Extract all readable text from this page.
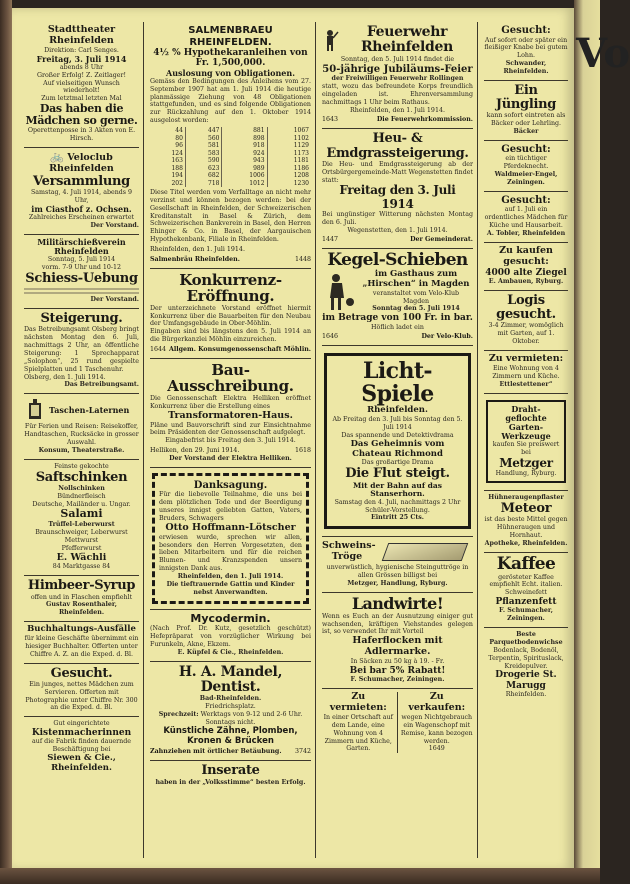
Stadttheater Rheinfelden
Direktion: Carl Senges.
Freitag, 3. Juli 1914
abends 8 Uhr
Großer Erfolg! Z. Zeitlager!
Auf vielseitigen Wunsch wiederholt!
Zum letztmal letzten Mal
Das haben die Mädchen so gerne.
Operettenposse in 3 Akten von E. Hirsch.
🚲 Veloclub Rheinfelden
Versammlung
Samstag, 4. Juli 1914, abends 9 Uhr,
im Ciasthof z. Ochsen.
Zahlreiches Erscheinen erwartet
Der Vorstand.
Militärschießverein Rheinfelden
Sonntag, 5. Juli 1914
vorm. 7-9 Uhr und 10-12
Schiess-Uebung
Der Vorstand.
Steigerung.
Das Betreibungsamt Olsberg bringt nächsten Montag den 6. Juli, nachmittags 2 Uhr, an öffentliche Steigerung: 1 Sprechapparat „Solophon“, 25 rund gespielte Spielplatten und 1 Taschenuhr.
Olsberg, den 1. Juli 1914.
Das Betreibungsamt.
Taschen-Laternen
Für Ferien und Reisen: Reisekoffer, Handtaschen, Rucksäcke in grosser Auswahl.
Konsum, Theaterstraße.
Feinste gekochte
Saftschinken
Nollschinken
Bündnerfleisch
Deutsche, Mailänder u. Ungar.
Salami
Trüffel-Leberwurst
Braunschweiger, Leberwurst
Mettwurst
Pfefferwurst
E. Wächli
84 Marktgasse 84
Himbeer-Syrup
offen und in Flaschen empfiehlt
Gustav Rosenthaler, Rheinfelden.
Buchhaltungs-Ausfälle
für kleine Geschäfte übernimmt ein hiesiger Buchhalter. Offerten unter Chiffre A. Z. an die Exped. d. Bl.
Gesucht.
Ein junges, nettes Mädchen zum Servieren. Offerten mit Photographie unter Chiffre Nr. 300 an die Exped. d. Bl.
Gut eingerichtete
Kistenmacherinnen
auf die Fabrik finden dauernde Beschäftigung bei
Siewen & Cie., Rheinfelden.
SALMENBRAEU RHEINFELDEN.
4½ % Hypothekaranleihen von Fr. 1,500,000.
Auslosung von Obligationen.
Gemäss den Bedingungen des Anleihens vom 27. September 1907 hat am 1. Juli 1914 die heutige planmässige Ziehung von 48 Obligationen stattgefunden, und es sind folgende Obligationen zur Rückzahlung auf den 1. Oktober 1914 ausgelost worden:
44	447	881	1067
80	560	898	1102
96	581	918	1129
124	583	924	1173
163	590	943	1181
188	623	989	1186
194	682	1006	1208
202	718	1012	1230
Diese Titel werden vom Verfalltage an nicht mehr verzinst und können bezogen werden: bei der Gesellschaft in Rheinfelden, der Schweizerischen Kreditanstalt in Basel & Zürich, dem Schweizerischen Bankverein in Basel, den Herren Ehinger & Co. in Basel, der Aargauischen Hypothekenbank, Filiale in Rheinfelden.
Rheinfelden, den 1. Juli 1914.
Salmenbräu Rheinfelden.	1448
Konkurrenz-Eröffnung.
Der unterzeichnete Vorstand eröffnet hiermit Konkurrenz über die Bauarbeiten für den Neubau der Umfangsgebäude in Ober-Möhlin.
Eingaben sind bis längstens den 5. Juli 1914 an die Bürgerkanzlei Möhlin einzureichen.
1644 Allgem. Konsumgenossenschaft Möhlin.
Bau-Ausschreibung.
Die Genossenschaft Elektra Helliken eröffnet Konkurrenz über die Erstellung eines
Transformatoren-Haus.
Pläne und Bauvorschrift sind zur Einsichtnahme beim Präsidenten der Genossenschaft aufgelegt.
Eingabefrist bis Freitag den 3. Juli 1914.
Helliken, den 29. Juni 1914.	1618
Der Vorstand der Elektra Helliken.
Danksagung.
Für die liebevolle Teilnahme, die uns bei dem plötzlichen Tode und der Beerdigung unseres innigst geliebten Gatten, Vaters, Bruders, Schwagers
Otto Hoffmann-Lötscher
erwiesen wurde, sprechen wir allen, besonders den Herren Vorgesetzten, den lieben Mitarbeitern und für die reichen Blumen- und Kranzspenden unsern innigsten Dank aus.
Rheinfelden, den 1. Juli 1914.
Die tieftrauernde Gattin und Kinder nebst Anverwandten.
Mycodermin.
(Nach Prof. Dr. Kutz, gesetzlich geschützt) Hefepräparat von vorzüglicher Wirkung bei Furunkeln, Akne, Ekzem.
E. Küpfel & Cie., Rheinfelden.
H. A. Mandel, Dentist.
Bad-Rheinfelden.
Friedrichsplatz.
Sprechzeit: Werktags von 9-12 und 2-6 Uhr. Sonntags nicht.
Künstliche Zähne, Plomben, Kronen & Brücken
Zahnziehen mit örtlicher Betäubung. 3742
Inserate
haben in der „Volksstimme“ besten Erfolg.
Feuerwehr Rheinfelden
Sonntag, den 5. Juli 1914 findet die
50-jährige Jubiläums-Feier
der Freiwilligen Feuerwehr Rollingen
statt, wozu das befreundete Korps freundlich eingeladen ist. Ehrenversammlung nachmittags 1 Uhr beim Rathaus.
Rheinfelden, den 1. Juli 1914.
1643	Die Feuerwehrkommission.
Heu- & Emdgrassteigerung.
Die Heu- und Emdgrassteigerung ab der Ortsbürgergemeinde-Matt Wegenstetten findet statt:
Freitag den 3. Juli 1914
Bei ungünstiger Witterung nächsten Montag den 6. Juli.
Wegenstetten, den 1. Juli 1914.
1447	Der Gemeinderat.
Kegel-Schieben
im Gasthaus zum „Hirschen“ in Magden
veranstaltet vom Velo-Klub Magden
Sonntag den 5. Juli 1914
im Betrage von 100 Fr. in bar.
Höflich ladet ein
1646	Der Velo-Klub.
Licht-Spiele
Rheinfelden.
Ab Freitag den 3. Juli bis Sonntag den 5. Juli 1914
Das spannende und Detektivdrama
Das Geheimnis vom Chateau Richmond
Das großartige Drama
Die Flut steigt.
Mit der Bahn auf das Stanserhorn.
Samstag den 4. Juli, nachmittags 2 Uhr Schüler-Vorstellung.
Eintritt 25 Cts.
Schweins-Tröge
unverwüstlich, hygienische Steinguttröge in allen Grössen billigst bei
Metzger, Handlung, Ryburg.
Landwirte!
Wenn es Euch an der Ausnutzung einiger gut wachsenden, kräftigen Viehstandes gelegen ist, so verwendet Ihr mit Vorteil
Haferflocken mit Adlermarke.
In Säcken zu 50 kg à 19. - Fr.
Bei bar 5% Rabatt!
F. Schumacher, Zeiningen.
Zu vermieten:
In einer Ortschaft auf dem Lande, eine Wohnung von 4 Zimmern und Küche, Garten.
Zu verkaufen:
wegen Nichtgebrauch ein Wagenschopf mit Remise, kann bezogen werden.
1649
Gesucht:
Auf sofort oder später ein fleißiger Knabe bei gutem Lohn.
Schwander, Rheinfelden.
Ein Jüngling
kann sofort eintreten als Bäcker oder Lehrling.
Bäcker
Gesucht:
ein tüchtiger Pferdeknecht.
Waldmeier-Engel, Zeiningen.
Gesucht:
auf 1. Juli ein ordentliches Mädchen für Küche und Hausarbeit.
A. Tobler, Rheinfelden
Zu kaufen gesucht:
4000 alte Ziegel
E. Ambauen, Ryburg.
Logis gesucht.
3-4 Zimmer, womöglich mit Garten, auf 1. Oktober.
Zu vermieten:
Eine Wohnung von 4 Zimmern und Küche.
Ettlestettener“
Draht-geflochte Garten-Werkzeuge
kaufen Sie preiswert bei
Metzger
Handlung, Ryburg.
Hühneraugenpflaster
Meteor
ist das beste Mittel gegen Hühneraugen und Hornhaut.
Apotheke, Rheinfelden.
Kaffee
gerösteter Kaffee empfiehlt Echt. italien. Schweinefett
Pflanzenfett
F. Schumacher, Zeiningen.
Beste Parquetbodenwichse
Bodenlack, Bodenöl, Terpentin, Spirituslack, Kreidepulver.
Drogerie St. Marugg
Rheinfelden.
Vo
